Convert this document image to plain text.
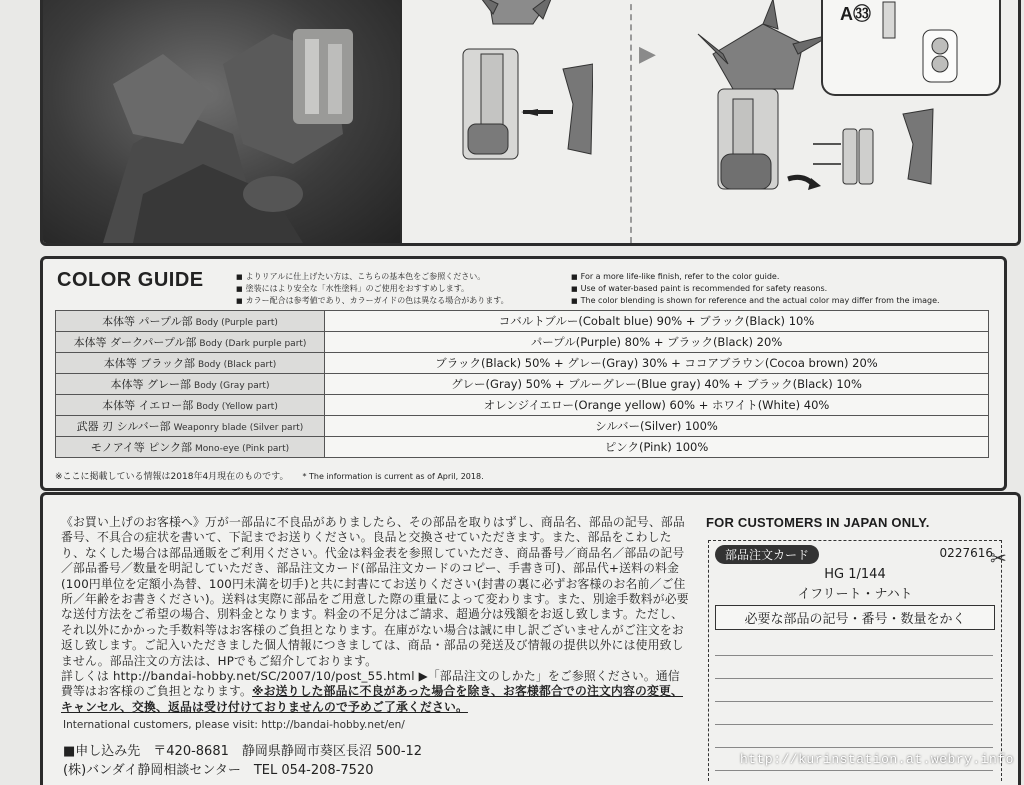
▶
A㉝
COLOR GUIDE	■ よりリアルに仕上げたい方は、こちらの基本色をご参照ください。
■ 塗装にはより安全な「水性塗料」のご使用をおすすめします。
■ カラー配合は参考値であり、カラーガイドの色は異なる場合があります。
■ For a more life-like finish, refer to the color guide.
■ Use of water-based paint is recommended for safety reasons.
■ The color blending is shown for reference and the actual color may differ from the image.
本体等 パープル部 Body (Purple part)	コバルトブルー(Cobalt blue) 90% + ブラック(Black) 10%
本体等 ダークパープル部 Body (Dark purple part)	パープル(Purple) 80% + ブラック(Black) 20%
本体等 ブラック部 Body (Black part)	ブラック(Black) 50% + グレー(Gray) 30% + ココアブラウン(Cocoa brown) 20%
本体等 グレー部 Body (Gray part)	グレー(Gray) 50% + ブルーグレー(Blue gray) 40% + ブラック(Black) 10%
本体等 イエロー部 Body (Yellow part)	オレンジイエロー(Orange yellow) 60% + ホワイト(White) 40%
武器 刃 シルバー部 Weaponry blade (Silver part)	シルバー(Silver) 100%
モノアイ等 ピンク部 Mono-eye (Pink part)	ピンク(Pink) 100%
※ここに掲載している情報は2018年4月現在のものです。 * The information is current as of April, 2018.

《お買い上げのお客様へ》万が一部品に不良品がありましたら、その部品を取りはずし、商品名、部品の記号、部品番号、不具合の症状を書いて、下記までお送りください。良品と交換させていただきます。また、部品をこわしたり、なくした場合は部品通販をご利用ください。代金は料金表を参照していただき、商品番号／商品名／部品の記号／部品番号／数量を明記していただき、部品注文カード(部品注文カードのコピー、手書き可)、部品代+送料の料金(100円単位を定額小為替、100円未満を切手)と共に封書にてお送りください(封書の裏に必ずお客様のお名前／ご住所／年齢をお書きください)。送料は実際に部品をご用意した際の重量によって変わります。また、別途手数料が必要な送付方法をご希望の場合、別料金となります。料金の不足分はご請求、超過分は残額をお返し致します。ただし、それ以外にかかった手数料等はお客様のご負担となります。在庫がない場合は誠に申し訳ございませんがご注文をお返し致します。ご記入いただきました個人情報につきましては、商品・部品の発送及び情報の提供以外には使用致しません。部品注文の方法は、HPでもご紹介しております。

詳しくは http://bandai-hobby.net/SC/2007/10/post_55.html ▶「部品注文のしかた」をご参照ください。通信費等はお客様のご負担となります。※お送りした部品に不良があった場合を除き、お客様都合での注文内容の変更、キャンセル、交換、返品は受け付けておりませんので予めご了承ください。

International customers, please visit: http://bandai-hobby.net/en/
■申し込み先　〒420-8681　静岡県静岡市葵区長沼 500-12
(株)バンダイ静岡相談センター　TEL 054-208-7520
FOR CUSTOMERS IN JAPAN ONLY.
部品注文カード	0227616
HG 1/144
イフリート・ナハト
必要な部品の記号・番号・数量をかく
✂
http://kurinstation.at.webry.info
